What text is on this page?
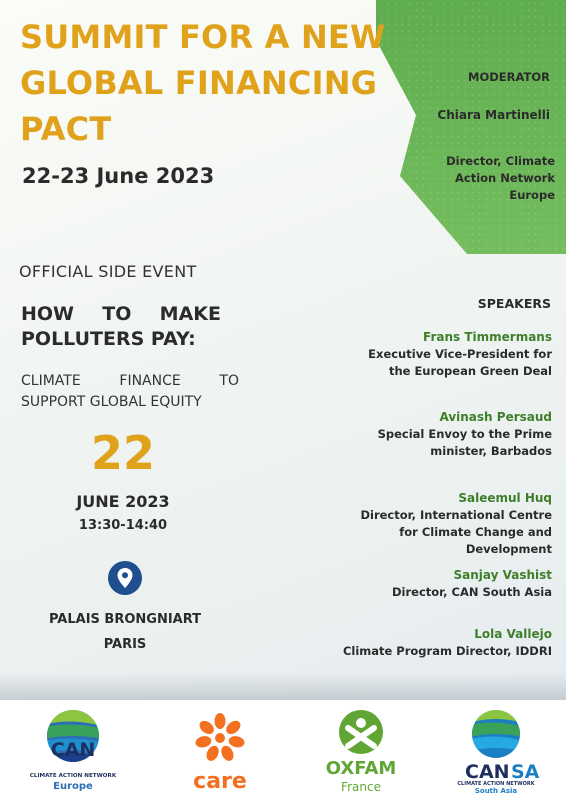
SUMMIT FOR A NEW GLOBAL FINANCING PACT
22-23 June 2023
MODERATOR
Chiara Martinelli
Director, Climate Action Network Europe
OFFICIAL SIDE EVENT
HOW TO MAKE POLLUTERS PAY:

CLIMATE FINANCE TO SUPPORT GLOBAL EQUITY

22
JUNE 2023
13:30-14:40
PALAIS BRONGNIART
PARIS
SPEAKERS
Frans Timmermans
Executive Vice-President for the European Green Deal
Avinash Persaud
Special Envoy to the Prime minister, Barbados
Saleemul Huq
Director, International Centre for Climate Change and Development
Sanjay Vashist
Director, CAN South Asia
Lola Vallejo
Climate Program Director, IDDRI
CAN
CLIMATE ACTION NETWORK
Europe	care
OXFAM
France
CAN SA
CLIMATE ACTION NETWORK
South Asia
